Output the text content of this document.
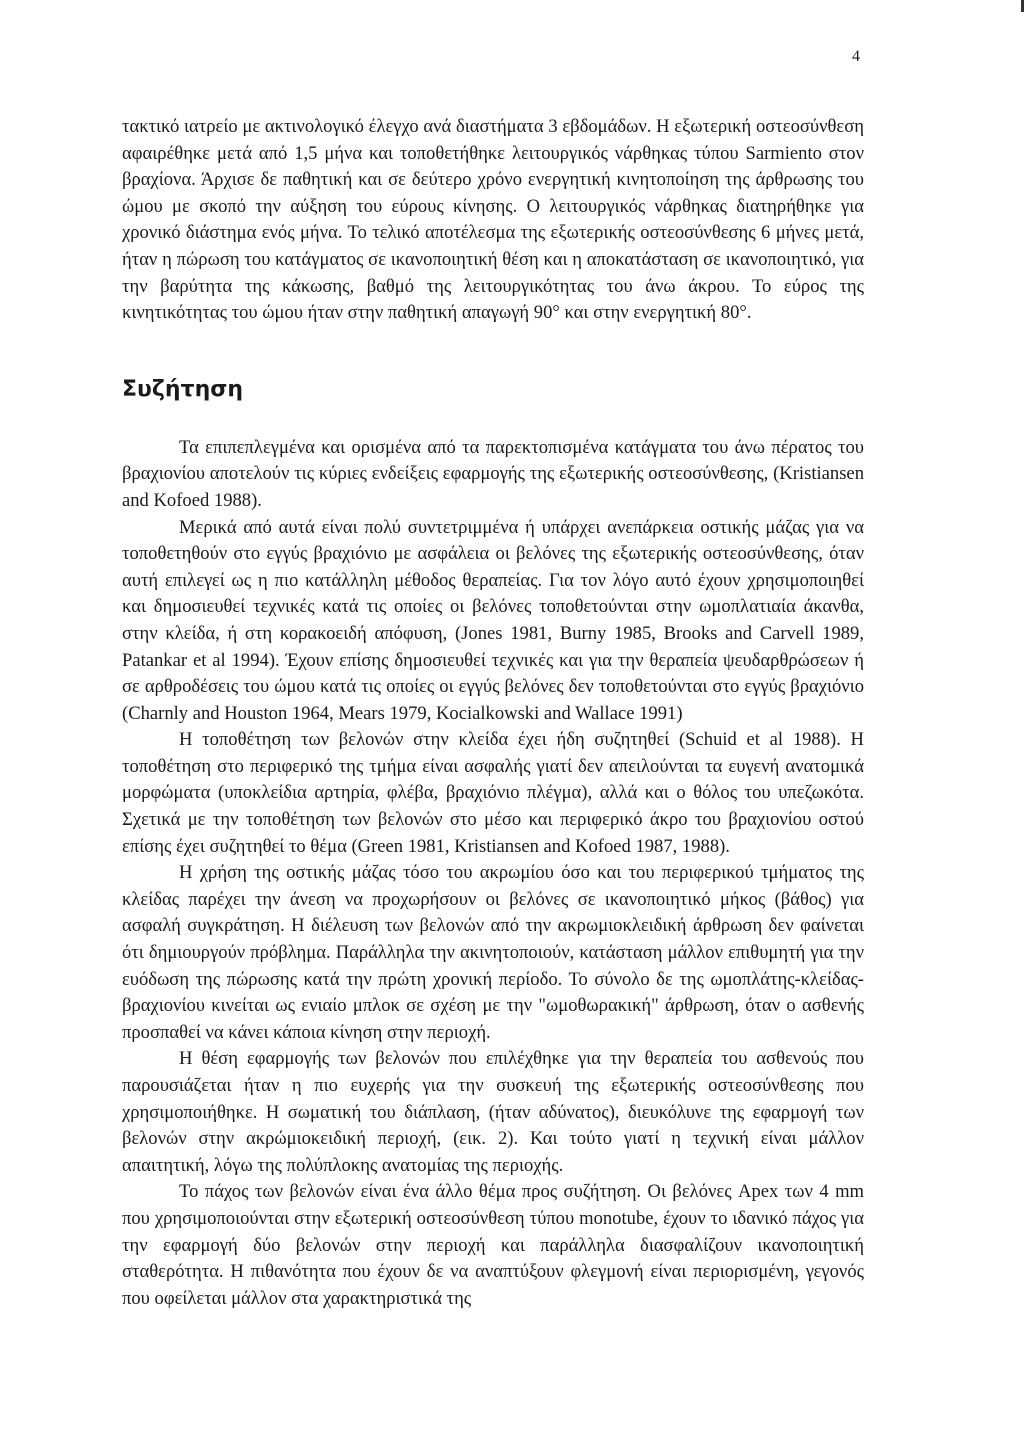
4

τακτικό ιατρείο με ακτινολογικό έλεγχο ανά διαστήματα 3 εβδομάδων. Η εξωτερική οστεοσύνθεση αφαιρέθηκε μετά από 1,5 μήνα και τοποθετήθηκε λειτουργικός νάρθηκας τύπου Sarmiento στον βραχίονα. Άρχισε δε παθητική και σε δεύτερο χρόνο ενεργητική κινητοποίηση της άρθρωσης του ώμου με σκοπό την αύξηση του εύρους κίνησης. Ο λειτουργικός νάρθηκας διατηρήθηκε για χρονικό διάστημα ενός μήνα. Το τελικό αποτέλεσμα της εξωτερικής οστεοσύνθεσης 6 μήνες μετά, ήταν η πώρωση του κατάγματος σε ικανοποιητική θέση και η αποκατάσταση σε ικανοποιητικό, για την βαρύτητα της κάκωσης, βαθμό της λειτουργικότητας του άνω άκρου. Το εύρος της κινητικότητας του ώμου ήταν στην παθητική απαγωγή 90° και στην ενεργητική 80°.

Συζήτηση

Τα επιπεπλεγμένα και ορισμένα από τα παρεκτοπισμένα κατάγματα του άνω πέρατος του βραχιονίου αποτελούν τις κύριες ενδείξεις εφαρμογής της εξωτερικής οστεοσύνθεσης, (Kristiansen and Kofoed 1988).

Μερικά από αυτά είναι πολύ συντετριμμένα ή υπάρχει ανεπάρκεια οστικής μάζας για να τοποθετηθούν στο εγγύς βραχιόνιο με ασφάλεια οι βελόνες της εξωτερικής οστεοσύνθεσης, όταν αυτή επιλεγεί ως η πιο κατάλληλη μέθοδος θεραπείας. Για τον λόγο αυτό έχουν χρησιμοποιηθεί και δημοσιευθεί τεχνικές κατά τις οποίες οι βελόνες τοποθετούνται στην ωμοπλατιαία άκανθα, στην κλείδα, ή στη κορακοειδή απόφυση, (Jones 1981, Burny 1985, Brooks and Carvell 1989, Patankar et al 1994). Έχουν επίσης δημοσιευθεί τεχνικές και για την θεραπεία ψευδαρθρώσεων ή σε αρθροδέσεις του ώμου κατά τις οποίες οι εγγύς βελόνες δεν τοποθετούνται στο εγγύς βραχιόνιο (Charnly and Houston 1964, Mears 1979, Kocialkowski and Wallace 1991)

Η τοποθέτηση των βελονών στην κλείδα έχει ήδη συζητηθεί (Schuid et al 1988). Η τοποθέτηση στο περιφερικό της τμήμα είναι ασφαλής γιατί δεν απειλούνται τα ευγενή ανατομικά μορφώματα (υποκλείδια αρτηρία, φλέβα, βραχιόνιο πλέγμα), αλλά και ο θόλος του υπεζωκότα. Σχετικά με την τοποθέτηση των βελονών στο μέσο και περιφερικό άκρο του βραχιονίου οστού επίσης έχει συζητηθεί το θέμα (Green 1981, Kristiansen and Kofoed 1987, 1988).

Η χρήση της οστικής μάζας τόσο του ακρωμίου όσο και του περιφερικού τμήματος της κλείδας παρέχει την άνεση να προχωρήσουν οι βελόνες σε ικανοποιητικό μήκος (βάθος) για ασφαλή συγκράτηση. Η διέλευση των βελονών από την ακρωμιοκλειδική άρθρωση δεν φαίνεται ότι δημιουργούν πρόβλημα. Παράλληλα την ακινητοποιούν, κατάσταση μάλλον επιθυμητή για την ευόδωση της πώρωσης κατά την πρώτη χρονική περίοδο. Το σύνολο δε της ωμοπλάτης-κλείδας-βραχιονίου κινείται ως ενιαίο μπλοκ σε σχέση με την "ωμοθωρακική" άρθρωση, όταν ο ασθενής προσπαθεί να κάνει κάποια κίνηση στην περιοχή.

Η θέση εφαρμογής των βελονών που επιλέχθηκε για την θεραπεία του ασθενούς που παρουσιάζεται ήταν η πιο ευχερής για την συσκευή της εξωτερικής οστεοσύνθεσης που χρησιμοποιήθηκε. Η σωματική του διάπλαση, (ήταν αδύνατος), διευκόλυνε της εφαρμογή των βελονών στην ακρώμιοκειδική περιοχή, (εικ. 2). Και τούτο γιατί η τεχνική είναι μάλλον απαιτητική, λόγω της πολύπλοκης ανατομίας της περιοχής.

Το πάχος των βελονών είναι ένα άλλο θέμα προς συζήτηση. Οι βελόνες Apex των 4 mm που χρησιμοποιούνται στην εξωτερική οστεοσύνθεση τύπου monotube, έχουν το ιδανικό πάχος για την εφαρμογή δύο βελονών στην περιοχή και παράλληλα διασφαλίζουν ικανοποιητική σταθερότητα. Η πιθανότητα που έχουν δε να αναπτύξουν φλεγμονή είναι περιορισμένη, γεγονός που οφείλεται μάλλον στα χαρακτηριστικά της
